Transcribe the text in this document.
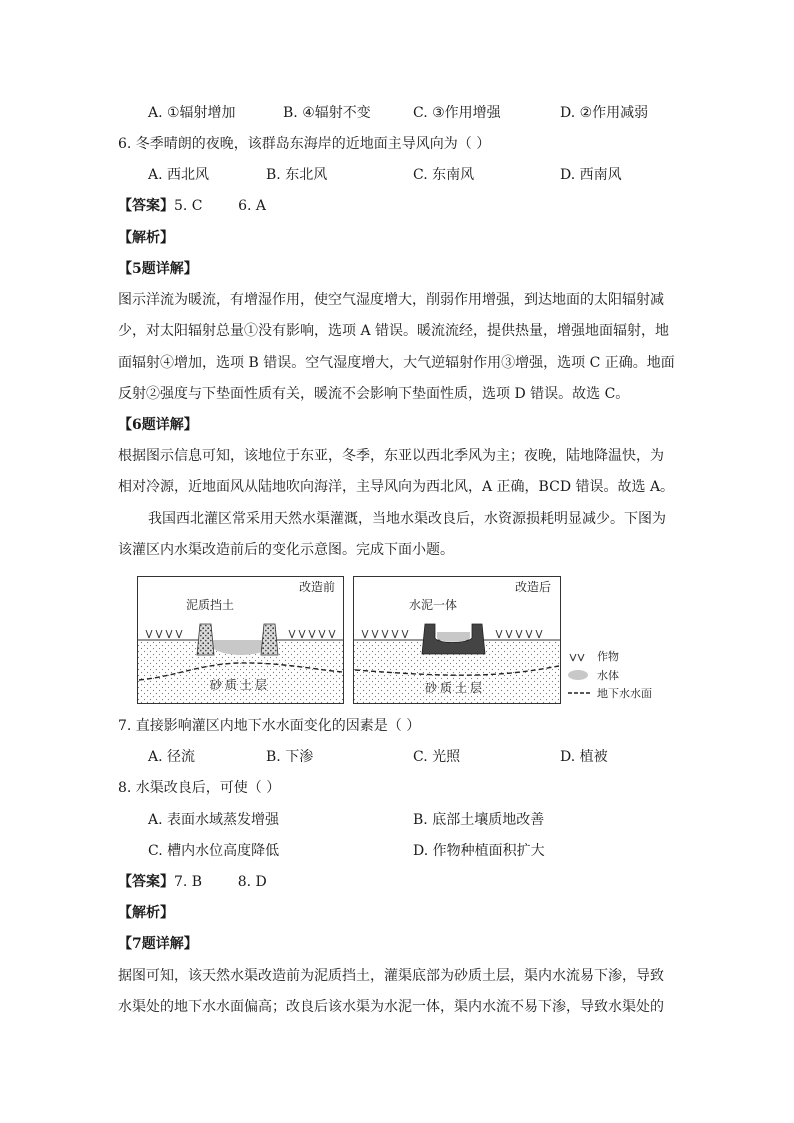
A. ①辐射增加	B. ④辐射不变	C. ③作用增强	D. ②作用减弱
6. 冬季晴朗的夜晚，该群岛东海岸的近地面主导风向为（ ）
A. 西北风	B. 东北风	C. 东南风	D. 西南风
【答案】5. C        6. A
【解析】
【5题详解】
图示洋流为暖流，有增湿作用，使空气湿度增大，削弱作用增强，到达地面的太阳辐射减
少，对太阳辐射总量①没有影响，选项 A 错误。暖流流经，提供热量，增强地面辐射，地
面辐射④增加，选项 B 错误。空气湿度增大，大气逆辐射作用③增强，选项 C 正确。地面
反射②强度与下垫面性质有关，暖流不会影响下垫面性质，选项 D 错误。故选 C。
【6题详解】
根据图示信息可知，该地位于东亚，冬季，东亚以西北季风为主；夜晚，陆地降温快，为
相对冷源，近地面风从陆地吹向海洋，主导风向为西北风，A 正确，BCD 错误。故选 A。
我国西北灌区常采用天然水渠灌溉，当地水渠改良后，水资源损耗明显减少。下图为
该灌区内水渠改造前后的变化示意图。完成下面小题。
改造前
泥质挡土
砂质土层
改造后
水泥一体
砂质土层
作物
水体
地下水水面
7. 直接影响灌区内地下水水面变化的因素是（ ）
A. 径流	B. 下渗	C. 光照	D. 植被
8. 水渠改良后，可使（ ）
A. 表面水域蒸发增强	B. 底部土壤质地改善
C. 槽内水位高度降低	D. 作物种植面积扩大
【答案】7. B        8. D
【解析】
【7题详解】
据图可知，该天然水渠改造前为泥质挡土，灌渠底部为砂质土层，渠内水流易下渗，导致
水渠处的地下水水面偏高；改良后该水渠为水泥一体，渠内水流不易下渗，导致水渠处的
